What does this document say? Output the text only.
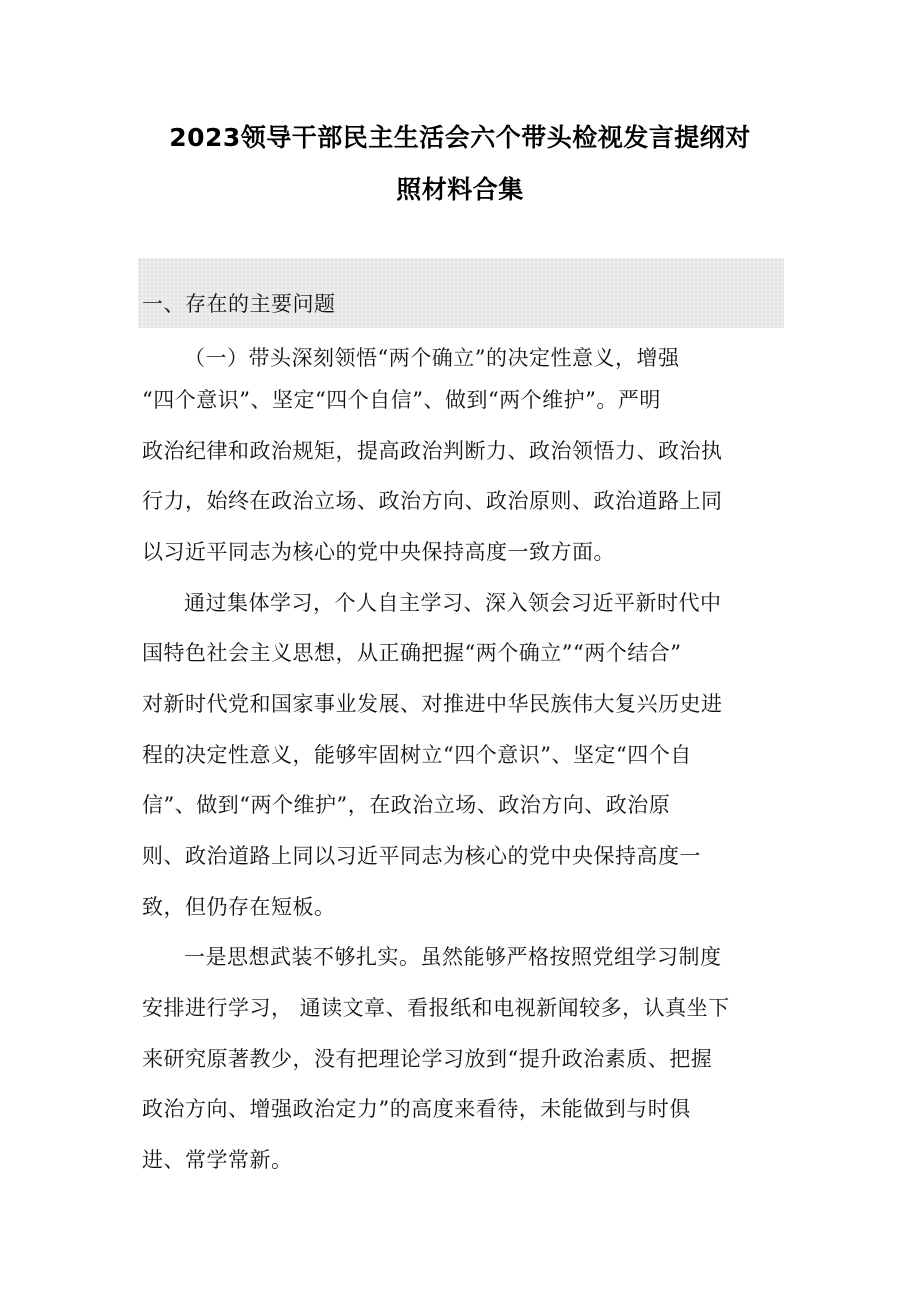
2023领导干部民主生活会六个带头检视发言提纲对
照材料合集
一、存在的主要问题
（一）带头深刻领悟“两个确立”的决定性意义，增强
“四个意识”、坚定“四个自信”、做到“两个维护”。严明
政治纪律和政治规矩，提高政治判断力、政治领悟力、政治执
行力，始终在政治立场、政治方向、政治原则、政治道路上同
以习近平同志为核心的党中央保持高度一致方面。
通过集体学习，个人自主学习、深入领会习近平新时代中
国特色社会主义思想，从正确把握“两个确立”“两个结合”
对新时代党和国家事业发展、对推进中华民族伟大复兴历史进
程的决定性意义，能够牢固树立“四个意识”、坚定“四个自
信”、做到“两个维护”，在政治立场、政治方向、政治原
则、政治道路上同以习近平同志为核心的党中央保持高度一
致，但仍存在短板。
一是思想武装不够扎实。虽然能够严格按照党组学习制度
安排进行学习， 通读文章、看报纸和电视新闻较多，认真坐下
来研究原著教少，没有把理论学习放到“提升政治素质、把握
政治方向、增强政治定力”的高度来看待，未能做到与时俱
进、常学常新。
